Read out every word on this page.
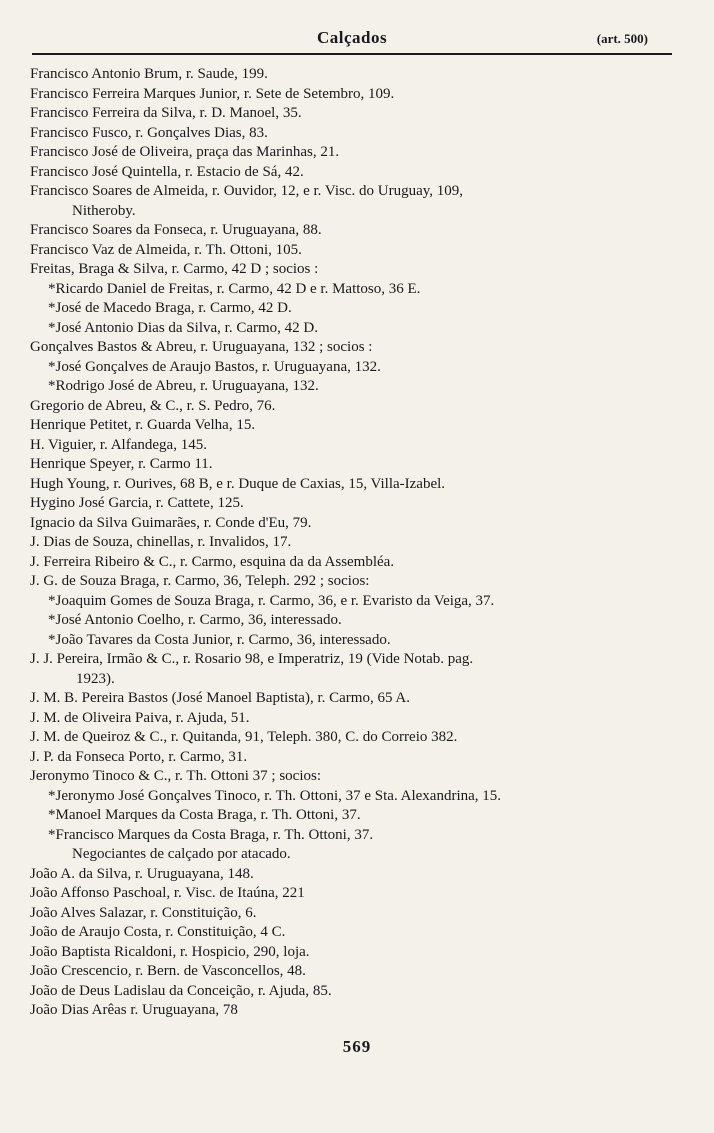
Calçados	(art. 500)
Francisco Antonio Brum, r. Saude, 199.
Francisco Ferreira Marques Junior, r. Sete de Setembro, 109.
Francisco Ferreira da Silva, r. D. Manoel, 35.
Francisco Fusco, r. Gonçalves Dias, 83.
Francisco José de Oliveira, praça das Marinhas, 21.
Francisco José Quintella, r. Estacio de Sá, 42.
Francisco Soares de Almeida, r. Ouvidor, 12, e r. Visc. do Uruguay, 109,
Nitheroby.
Francisco Soares da Fonseca, r. Uruguayana, 88.
Francisco Vaz de Almeida, r. Th. Ottoni, 105.
Freitas, Braga & Silva, r. Carmo, 42 D ; socios :
*Ricardo Daniel de Freitas, r. Carmo, 42 D e r. Mattoso, 36 E.
*José de Macedo Braga, r. Carmo, 42 D.
*José Antonio Dias da Silva, r. Carmo, 42 D.
Gonçalves Bastos & Abreu, r. Uruguayana, 132 ; socios :
*José Gonçalves de Araujo Bastos, r. Uruguayana, 132.
*Rodrigo José de Abreu, r. Uruguayana, 132.
Gregorio de Abreu, & C., r. S. Pedro, 76.
Henrique Petitet, r. Guarda Velha, 15.
H. Viguier, r. Alfandega, 145.
Henrique Speyer, r. Carmo 11.
Hugh Young, r. Ourives, 68 B, e r. Duque de Caxias, 15, Villa-Izabel.
Hygino José Garcia, r. Cattete, 125.
Ignacio da Silva Guimarães, r. Conde d'Eu, 79.
J. Dias de Souza, chinellas, r. Invalidos, 17.
J. Ferreira Ribeiro & C., r. Carmo, esquina da da Assembléa.
J. G. de Souza Braga, r. Carmo, 36, Teleph. 292 ; socios:
*Joaquim Gomes de Souza Braga, r. Carmo, 36, e r. Evaristo da Veiga, 37.
*José Antonio Coelho, r. Carmo, 36, interessado.
*João Tavares da Costa Junior, r. Carmo, 36, interessado.
J. J. Pereira, Irmão & C., r. Rosario 98, e Imperatriz, 19 (Vide Notab. pag.
1923).
J. M. B. Pereira Bastos (José Manoel Baptista), r. Carmo, 65 A.
J. M. de Oliveira Paiva, r. Ajuda, 51.
J. M. de Queiroz & C., r. Quitanda, 91, Teleph. 380, C. do Correio 382.
J. P. da Fonseca Porto, r. Carmo, 31.
Jeronymo Tinoco & C., r. Th. Ottoni 37 ; socios:
*Jeronymo José Gonçalves Tinoco, r. Th. Ottoni, 37 e Sta. Alexandrina, 15.
*Manoel Marques da Costa Braga, r. Th. Ottoni, 37.
*Francisco Marques da Costa Braga, r. Th. Ottoni, 37.
Negociantes de calçado por atacado.
João A. da Silva, r. Uruguayana, 148.
João Affonso Paschoal, r. Visc. de Itaúna, 221
João Alves Salazar, r. Constituição, 6.
João de Araujo Costa, r. Constituição, 4 C.
João Baptista Ricaldoni, r. Hospicio, 290, loja.
João Crescencio, r. Bern. de Vasconcellos, 48.
João de Deus Ladislau da Conceição, r. Ajuda, 85.
João Dias Arêas r. Uruguayana, 78
569
